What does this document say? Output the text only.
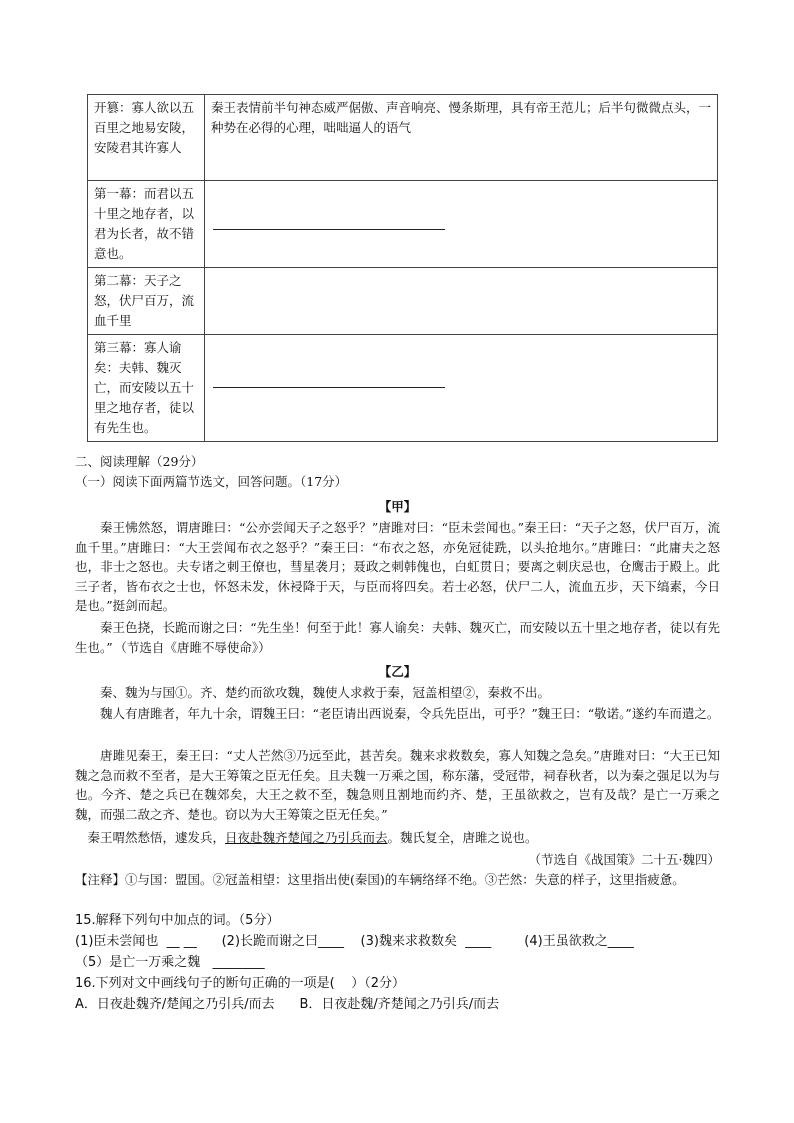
开篡：寡人欲以五百里之地易安陵，安陵君其许寡人	秦王表情前半句神态威严倨傲、声音响亮、慢条斯理，具有帝王范儿；后半句微微点头，一种势在必得的心理，咄咄逼人的语气
第一幕：而君以五十里之地存者，以君为长者，故不错意也。	

第二幕：天子之怒，伏尸百万，流血千里	
第三幕：寡人谕矣：夫韩、魏灭亡，而安陵以五十里之地存者，徒以有先生也。	
二、阅读理解（29分）
（一）阅读下面两篇节选文，回答问题。（17分）
【甲】
秦王怫然怒，谓唐雎曰：“公亦尝闻天子之怒乎？”唐雎对曰：“臣未尝闻也。”秦王曰：“天子之怒，伏尸百万，流血千里。”唐雎曰：“大王尝闻布衣之怒乎？”秦王曰：“布衣之怒，亦免冠徒跣，以头抢地尔。”唐雎曰：“此庸夫之怒也，非士之怒也。夫专诸之刺王僚也，彗星袭月；聂政之刺韩傀也，白虹贯日；要离之刺庆忌也，仓鹰击于殿上。此三子者，皆布衣之士也，怀怒未发，休祲降于天，与臣而将四矣。若士必怒，伏尸二人，流血五步，天下缟素，今日是也。”挺剑而起。
秦王色挠，长跪而谢之曰：“先生坐！何至于此！寡人谕矣：夫韩、魏灭亡，而安陵以五十里之地存者，徒以有先生也。” （节选自《唐雎不辱使命》）
【乙】
秦、魏为与国①。齐、楚约而欲攻魏，魏使人求救于秦，冠盖相望②，秦救不出。
魏人有唐雎者，年九十余，谓魏王曰：“老臣请出西说秦，令兵先臣出，可乎？”魏王曰：“敬诺。”遂约车而遣之。
唐雎见秦王，秦王曰：“丈人芒然③乃远至此，甚苦矣。魏来求救数矣，寡人知魏之急矣。”唐雎对曰：“大王已知魏之急而救不至者，是大王筹策之臣无任矣。且夫魏一万乘之国，称东藩，受冠带，祠春秋者，以为秦之强足以为与也。今齐、楚之兵已在魏郊矣，大王之救不至，魏急则且割地而约齐、楚，王虽欲救之，岂有及哉？是亡一万乘之魏，而强二敌之齐、楚也。窃以为大王筹策之臣无任矣。”
秦王喟然愁悟，遽发兵，日夜赴魏齐楚闻之乃引兵而去。魏氏复全，唐雎之说也。
（节选自《战国策》二十五·魏四）
【注释】①与国：盟国。②冠盖相望：这里指出使(秦国)的车辆络绎不绝。③芒然：失意的样子，这里指疲惫。
15.解释下列句中加点的词。（5分）
(1)臣未尝闻也  __ __      (2)长跪而谢之曰____    (3)魏来求救数矣  ____        (4)王虽欲救之____
（5）是亡一万乘之魏   ________
16.下列对文中画线句子的断句正确的一项是(    ）（2分）
A．日夜赴魏齐/楚闻之乃引兵/而去      B．日夜赴魏/齐楚闻之乃引兵/而去
